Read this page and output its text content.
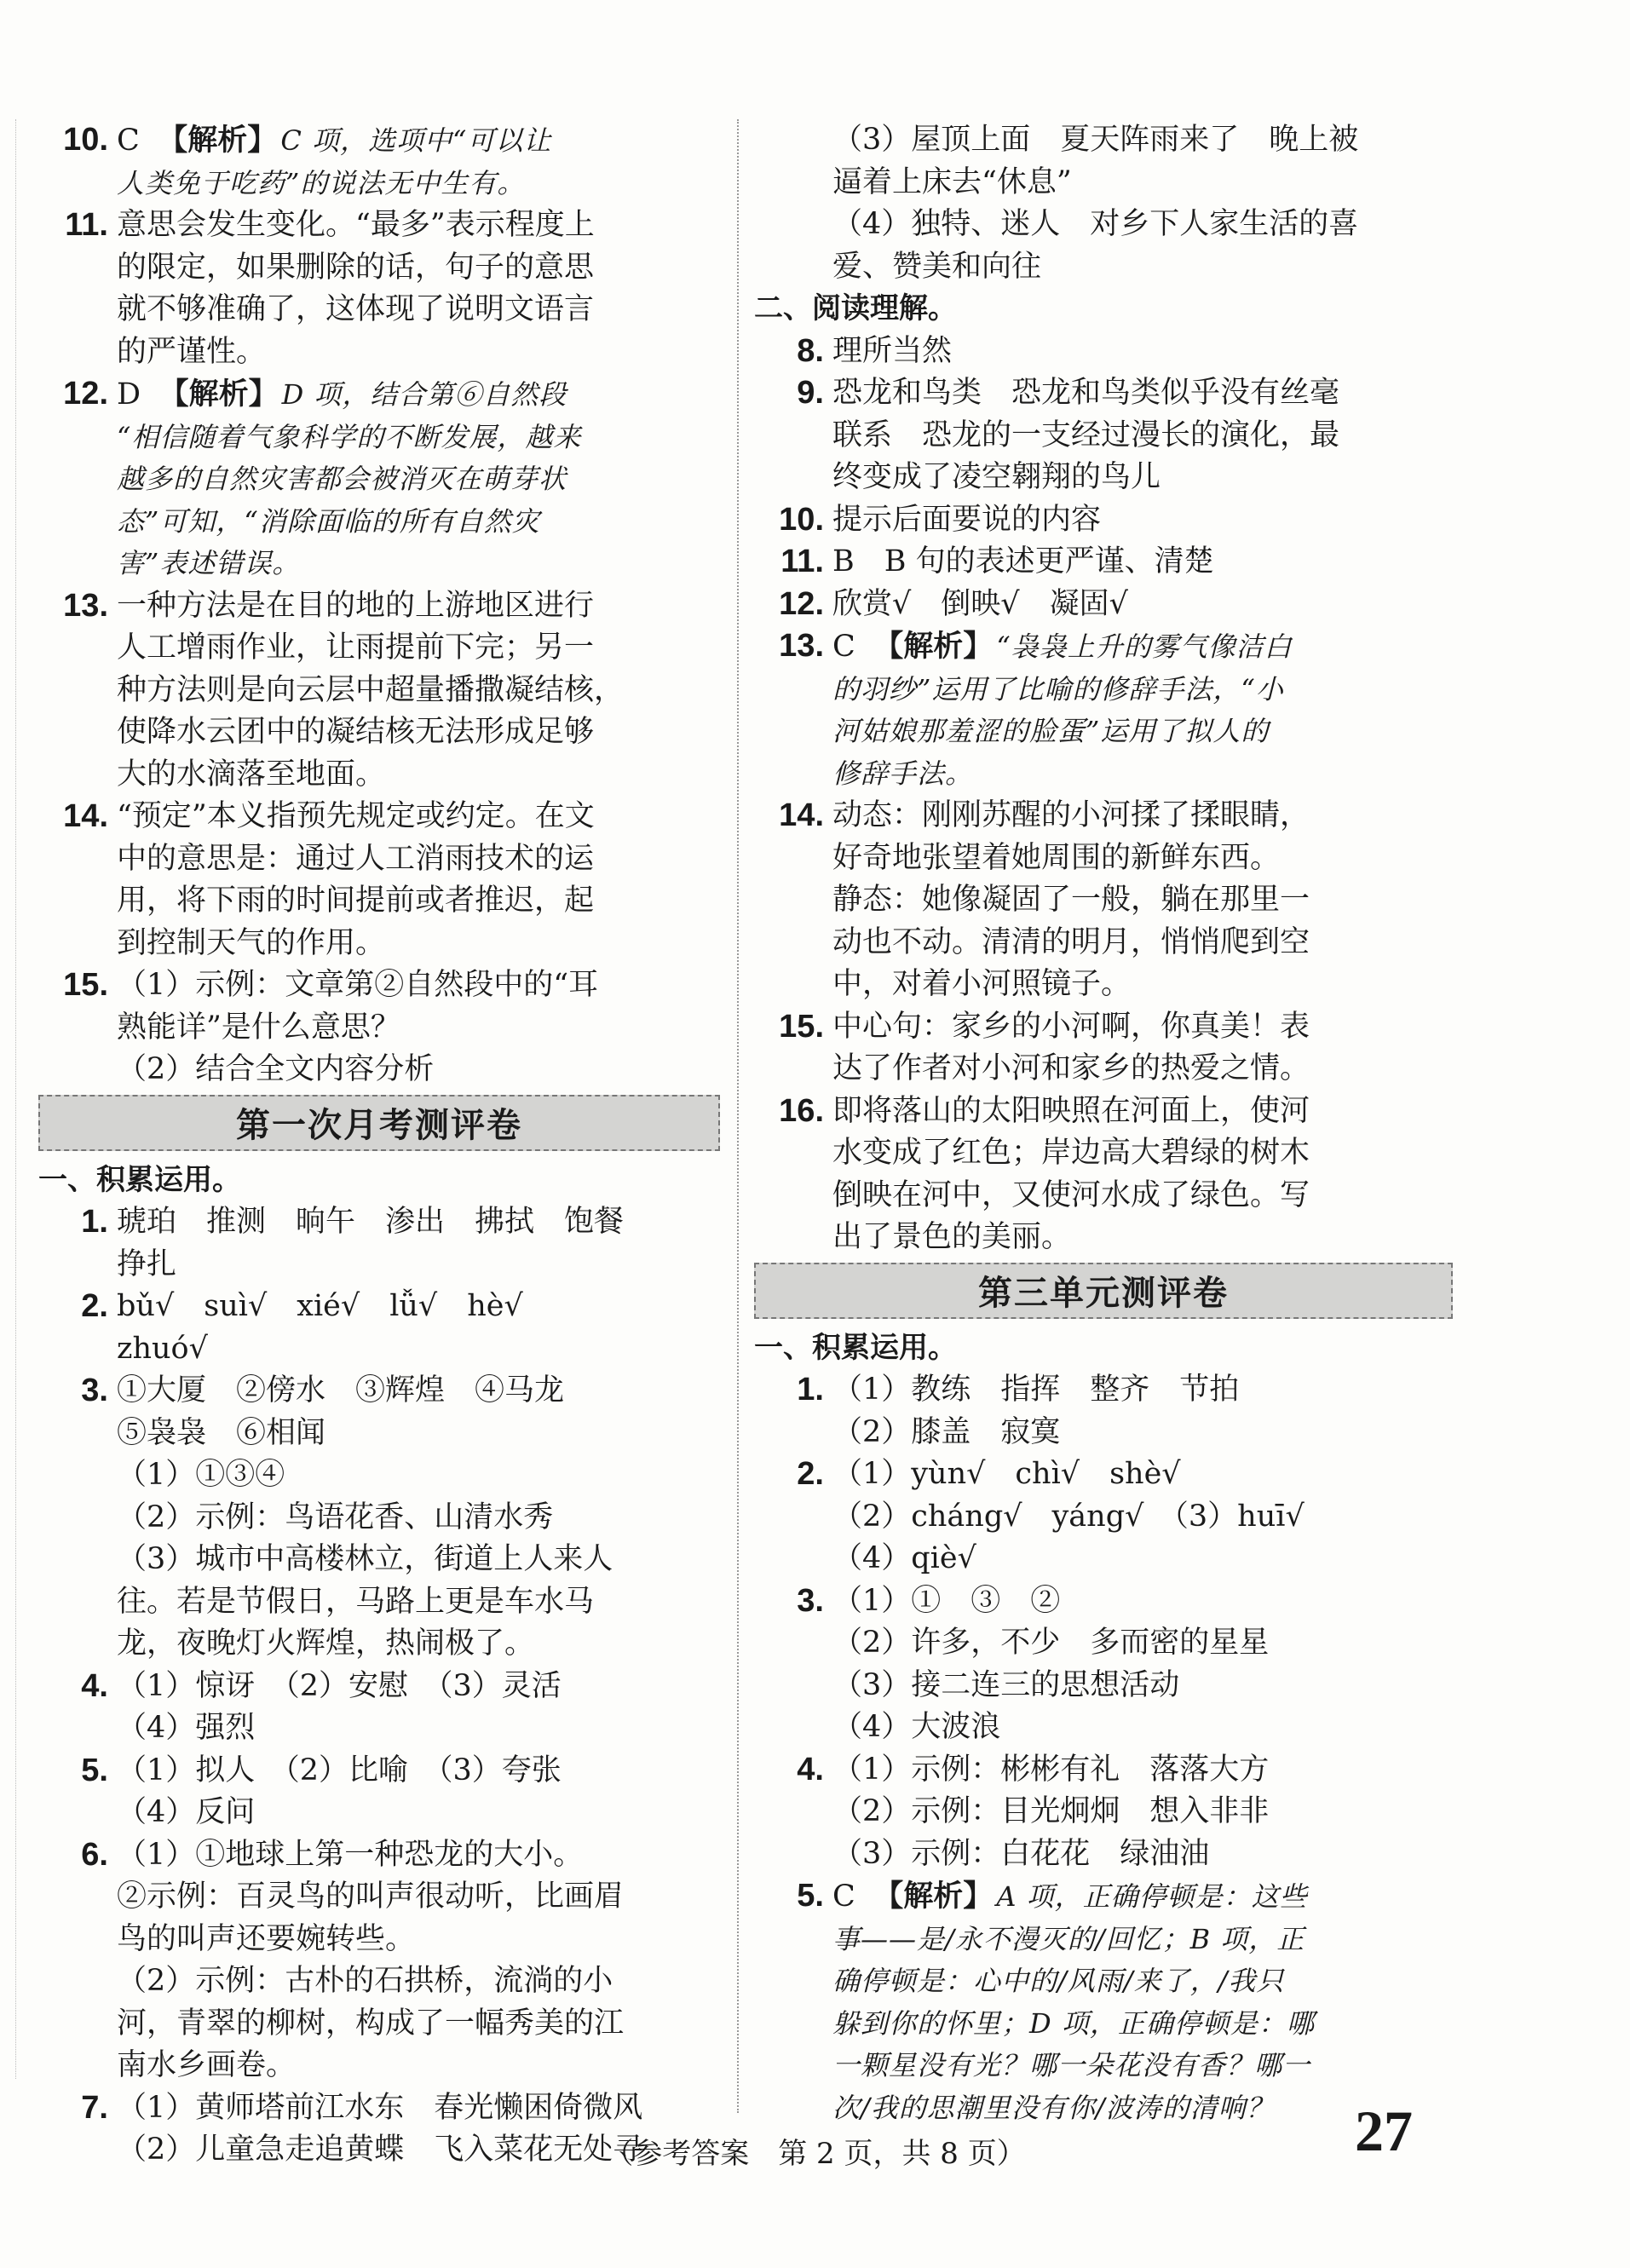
10. C　 【解析】 C 项，选项中“可以让
人类免于吃药”的说法无中生有。
11. 意思会发生变化。“最多”表示程度上
的限定，如果删除的话，句子的意思
就不够准确了，这体现了说明文语言
的严谨性。
12. D　 【解析】 D 项，结合第⑥自然段
“相信随着气象科学的不断发展，越来
越多的自然灾害都会被消灭在萌芽状
态”可知，“消除面临的所有自然灾
害”表述错误。
13. 一种方法是在目的地的上游地区进行
人工增雨作业，让雨提前下完；另一
种方法则是向云层中超量播撒凝结核，
使降水云团中的凝结核无法形成足够
大的水滴落至地面。
14. “预定”本义指预先规定或约定。在文
中的意思是：通过人工消雨技术的运
用，将下雨的时间提前或者推迟，起
到控制天气的作用。
15. （1）示例：文章第②自然段中的“耳
熟能详”是什么意思？
（2）结合全文内容分析
第一次月考测评卷
一、积累运用。
1. 琥珀　推测　晌午　渗出　拂拭　饱餐
挣扎
2. bǔ√　suì√　xié√　lǚ√　hè√
zhuó√
3. ①大厦　②傍水　③辉煌　④马龙
⑤袅袅　⑥相闻
（1）①③④
（2）示例：鸟语花香、山清水秀
（3）城市中高楼林立，街道上人来人
往。若是节假日，马路上更是车水马
龙，夜晚灯火辉煌，热闹极了。
4. （1）惊讶　（2）安慰　（3）灵活
（4）强烈
5. （1）拟人　（2）比喻　（3）夸张
（4）反问
6. （1）①地球上第一种恐龙的大小。
②示例：百灵鸟的叫声很动听，比画眉
鸟的叫声还要婉转些。
（2）示例：古朴的石拱桥，流淌的小
河，青翠的柳树，构成了一幅秀美的江
南水乡画卷。
7. （1）黄师塔前江水东　春光懒困倚微风
（2）儿童急走追黄蝶　飞入菜花无处寻
（3）屋顶上面　夏天阵雨来了　晚上被
逼着上床去“休息”
（4）独特、迷人　对乡下人家生活的喜
爱、赞美和向往
二、阅读理解。
8. 理所当然
9. 恐龙和鸟类　恐龙和鸟类似乎没有丝毫
联系　恐龙的一支经过漫长的演化，最
终变成了凌空翱翔的鸟儿
10. 提示后面要说的内容
11. B　B 句的表述更严谨、清楚
12. 欣赏√　倒映√　凝固√
13. C　 【解析】 “袅袅上升的雾气像洁白
的羽纱”运用了比喻的修辞手法，“小
河姑娘那羞涩的脸蛋”运用了拟人的
修辞手法。
14. 动态：刚刚苏醒的小河揉了揉眼睛，
好奇地张望着她周围的新鲜东西。
静态：她像凝固了一般，躺在那里一
动也不动。清清的明月，悄悄爬到空
中，对着小河照镜子。
15. 中心句：家乡的小河啊，你真美！表
达了作者对小河和家乡的热爱之情。
16. 即将落山的太阳映照在河面上，使河
水变成了红色；岸边高大碧绿的树木
倒映在河中，又使河水成了绿色。写
出了景色的美丽。
第三单元测评卷
一、积累运用。
1. （1）教练　指挥　整齐　节拍
（2）膝盖　寂寞
2. （1）yùn√　chì√　shè√
（2）cháng√　yáng√　（3）huī√
（4）qiè√
3. （1）①　③　②
（2）许多，不少　多而密的星星
（3）接二连三的思想活动
（4）大波浪
4. （1）示例：彬彬有礼　落落大方
（2）示例：目光炯炯　想入非非
（3）示例：白花花　绿油油
5. C　 【解析】 A 项，正确停顿是：这些
事——是/永不漫灭的/回忆；B 项，正
确停顿是：心中的/风雨/来了，/我只
躲到你的怀里；D 项，正确停顿是：哪
一颗星没有光？哪一朵花没有香？哪一
次/我的思潮里没有你/波涛的清响？
（参考答案　第 2 页，共 8 页）	27
